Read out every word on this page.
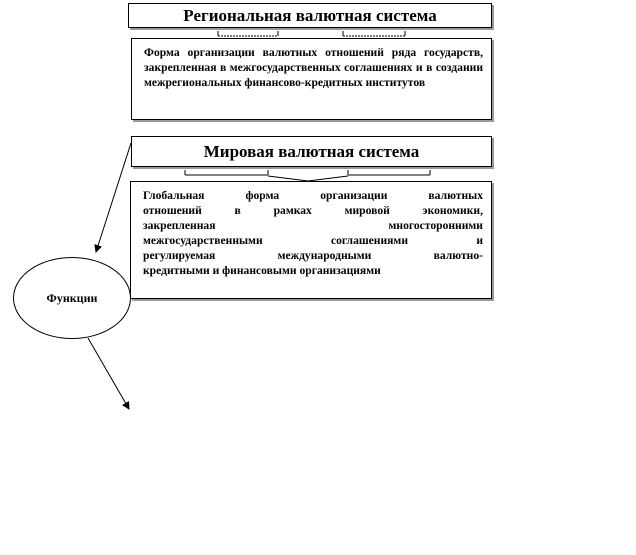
Региональная валютная система
Форма организации валютных отношений ряда государств, закрепленная в межгосударственных соглашениях и в создании межрегиональных финансово-кредитных институтов
Мировая валютная система
Глобальная форма организации валютных
отношений в рамках мировой экономики,
закрепленная многосторонними
межгосударственными соглашениями и
регулируемая международными валютно-
кредитными и финансовыми организациями
Функции
